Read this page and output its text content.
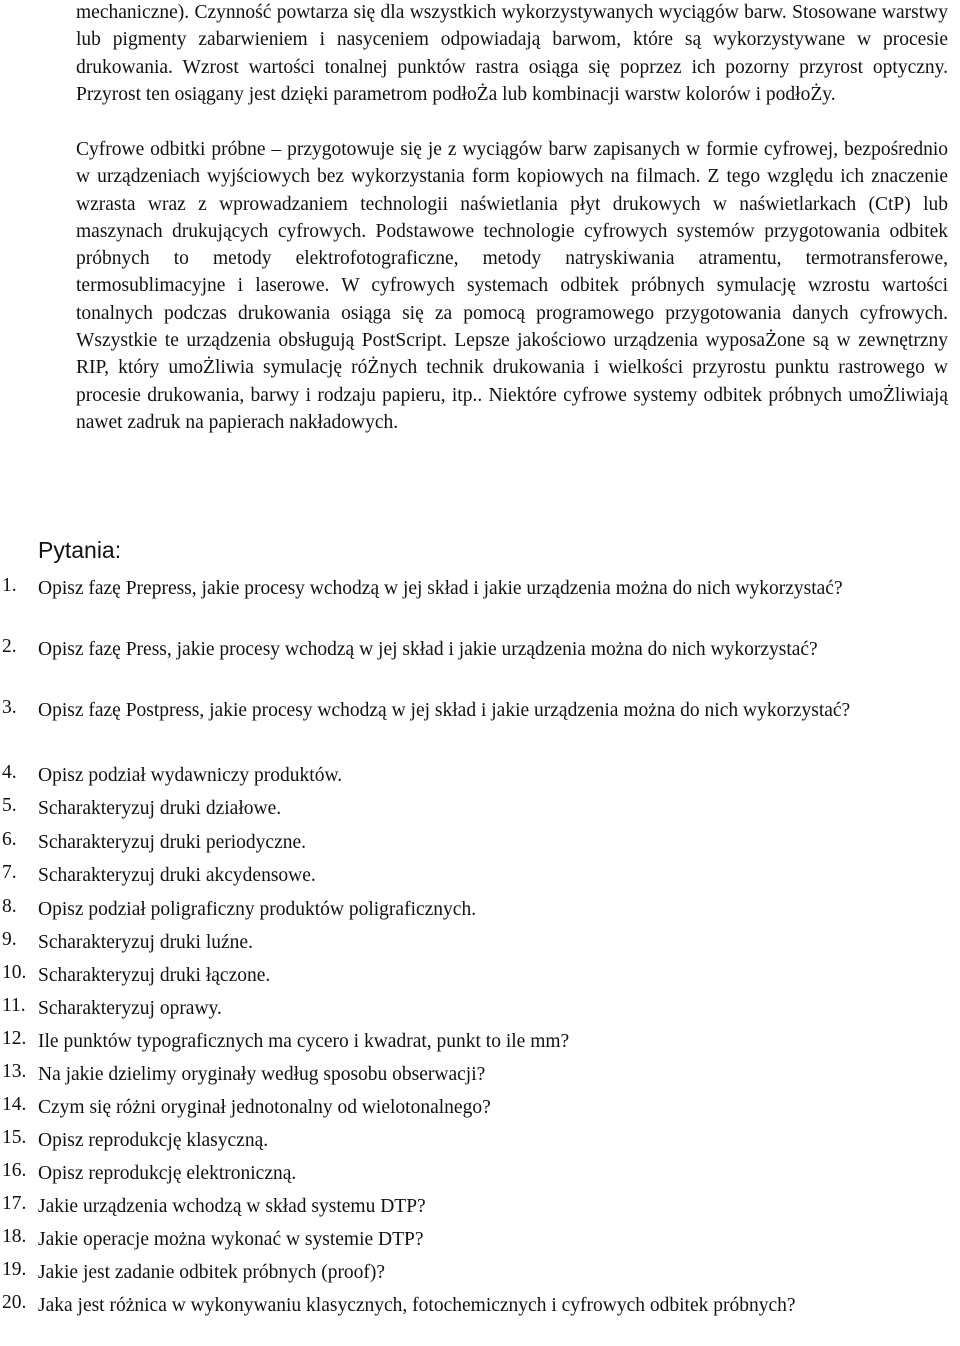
mechaniczne). Czynność powtarza się dla wszystkich wykorzystywanych wyciągów barw. Stosowane warstwy lub pigmenty zabarwieniem i nasyceniem odpowiadają barwom, które są wykorzystywane w procesie drukowania. Wzrost wartości tonalnej punktów rastra osiąga się poprzez ich pozorny przyrost optyczny. Przyrost ten osiągany jest dzięki parametrom podłoŻa lub kombinacji warstw kolorów i podłoŻy.

Cyfrowe odbitki próbne – przygotowuje się je z wyciągów barw zapisanych w formie cyfrowej, bezpośrednio w urządzeniach wyjściowych bez wykorzystania form kopiowych na filmach. Z tego względu ich znaczenie wzrasta wraz z wprowadzaniem technologii naświetlania płyt drukowych w naświetlarkach (CtP) lub maszynach drukujących cyfrowych. Podstawowe technologie cyfrowych systemów przygotowania odbitek próbnych to metody elektrofotograficzne, metody natryskiwania atramentu, termotransferowe, termosublimacyjne i laserowe. W cyfrowych systemach odbitek próbnych symulację wzrostu wartości tonalnych podczas drukowania osiąga się za pomocą programowego przygotowania danych cyfrowych. Wszystkie te urządzenia obsługują PostScript. Lepsze jakościowo urządzenia wyposaŻone są w zewnętrzny RIP, który umoŻliwia symulację róŻnych technik drukowania i wielkości przyrostu punktu rastrowego w procesie drukowania, barwy i rodzaju papieru, itp.. Niektóre cyfrowe systemy odbitek próbnych umoŻliwiają nawet zadruk na papierach nakładowych.
Pytania:
1.	Opisz fazę Prepress, jakie procesy wchodzą w jej skład i jakie urządzenia można do nich wykorzystać?
2.	Opisz fazę Press, jakie procesy wchodzą w jej skład i jakie urządzenia można do nich wykorzystać?
3.	Opisz fazę Postpress, jakie procesy wchodzą w jej skład i jakie urządzenia można do nich wykorzystać?
4.	Opisz podział wydawniczy produktów.
5.	Scharakteryzuj druki działowe.
6.	Scharakteryzuj druki periodyczne.
7.	Scharakteryzuj druki akcydensowe.
8.	Opisz podział poligraficzny produktów poligraficznych.
9.	Scharakteryzuj druki luźne.
10. Scharakteryzuj druki łączone.
11. Scharakteryzuj oprawy.
12. Ile punktów typograficznych ma cycero i kwadrat, punkt to ile mm?
13. Na jakie dzielimy oryginały według sposobu obserwacji?
14. Czym się różni oryginał jednotonalny od wielotonalnego?
15. Opisz reprodukcję klasyczną.
16. Opisz reprodukcję elektroniczną.
17. Jakie urządzenia wchodzą w skład systemu DTP?
18. Jakie operacje można wykonać w systemie DTP?
19. Jakie jest zadanie odbitek próbnych (proof)?
20. Jaka jest różnica w wykonywaniu klasycznych, fotochemicznych i cyfrowych odbitek próbnych?
